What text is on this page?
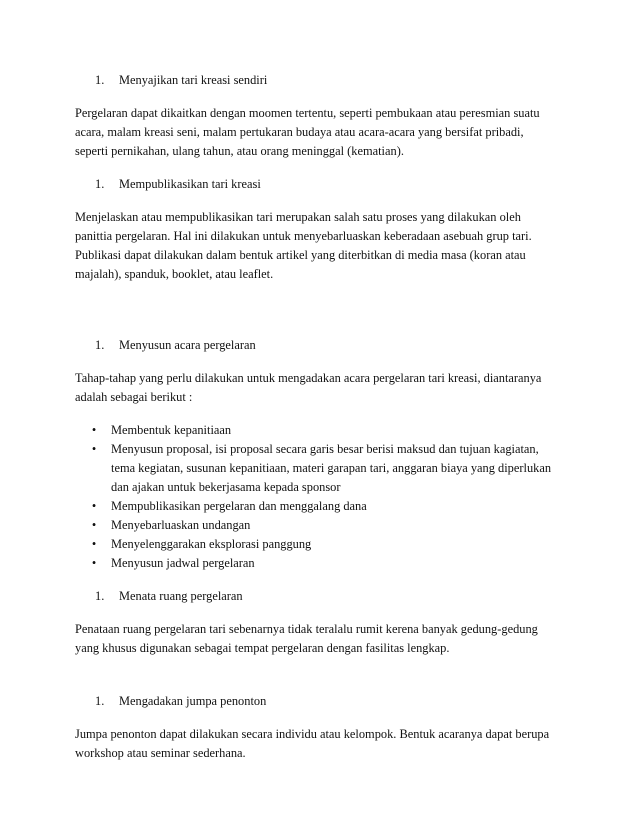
1. Menyajikan tari kreasi sendiri

Pergelaran dapat dikaitkan dengan moomen tertentu, seperti pembukaan atau peresmian suatu
acara, malam kreasi seni, malam pertukaran budaya atau acara-acara yang bersifat pribadi,
seperti pernikahan, ulang tahun, atau orang meninggal (kematian).

1. Mempublikasikan tari kreasi

Menjelaskan atau mempublikasikan tari merupakan salah satu proses yang dilakukan oleh
panittia pergelaran. Hal ini dilakukan untuk menyebarluaskan keberadaan asebuah grup tari.
Publikasi dapat dilakukan dalam bentuk artikel yang diterbitkan di media masa (koran atau
majalah), spanduk, booklet, atau leaflet.

1. Menyusun acara pergelaran

Tahap-tahap yang perlu dilakukan untuk mengadakan acara pergelaran tari kreasi, diantaranya
adalah sebagai berikut :

•	Membentuk kepanitiaan
•	Menyusun proposal, isi proposal secara garis besar berisi maksud dan tujuan kagiatan,
tema kegiatan, susunan kepanitiaan, materi garapan tari, anggaran biaya yang diperlukan
dan ajakan untuk bekerjasama kepada sponsor
•	Mempublikasikan pergelaran dan menggalang dana
•	Menyebarluaskan undangan
•	Menyelenggarakan eksplorasi panggung
•	Menyusun jadwal pergelaran

1. Menata ruang pergelaran

Penataan ruang pergelaran tari sebenarnya tidak teralalu rumit kerena banyak gedung-gedung
yang khusus digunakan sebagai tempat pergelaran dengan fasilitas lengkap.

1. Mengadakan jumpa penonton

Jumpa penonton dapat dilakukan secara individu atau kelompok. Bentuk acaranya dapat berupa
workshop atau seminar sederhana.
